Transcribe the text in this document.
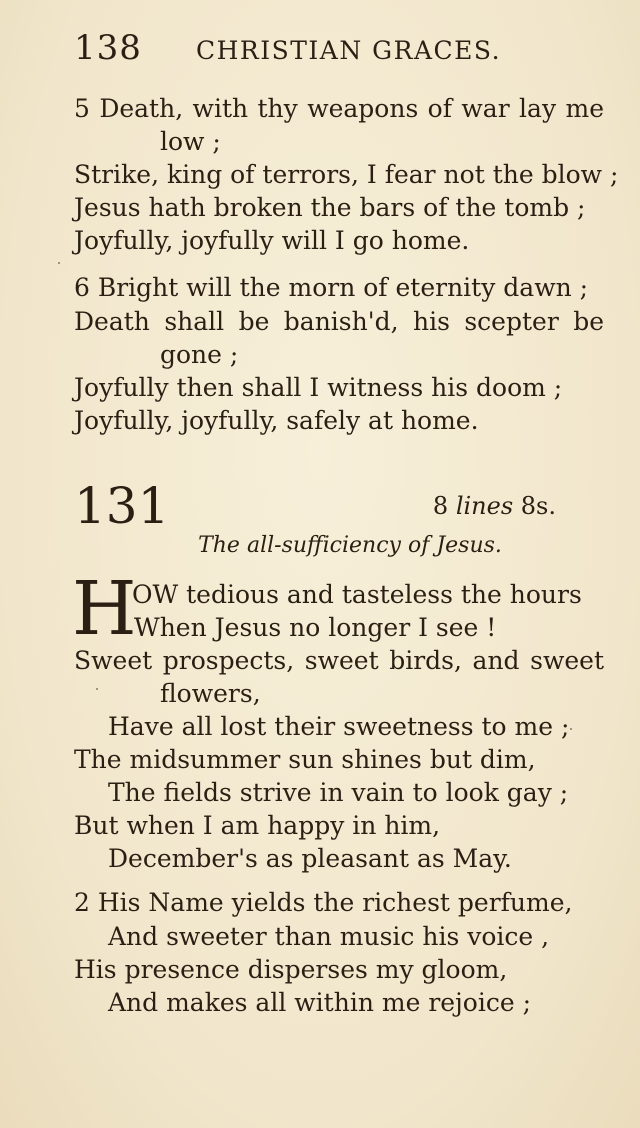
138 CHRISTIAN GRACES.
5 Death, with thy weapons of war lay me
low ;
Strike, king of terrors, I fear not the blow ;
Jesus hath broken the bars of the tomb ;
Joyfully, joyfully will I go home.
6 Bright will the morn of eternity dawn ;
Death shall be banish'd, his scepter be
gone ;
Joyfully then shall I witness his doom ;
Joyfully, joyfully, safely at home.
131	8 lines 8s.
The all-sufficiency of Jesus.
H
OW tedious and tasteless the hours
When Jesus no longer I see !
Sweet prospects, sweet birds, and sweet
flowers,
Have all lost their sweetness to me ;
The midsummer sun shines but dim,
The fields strive in vain to look gay ;
But when I am happy in him,
December's as pleasant as May.
2 His Name yields the richest perfume,
And sweeter than music his voice ,
His presence disperses my gloom,
And makes all within me rejoice ;
